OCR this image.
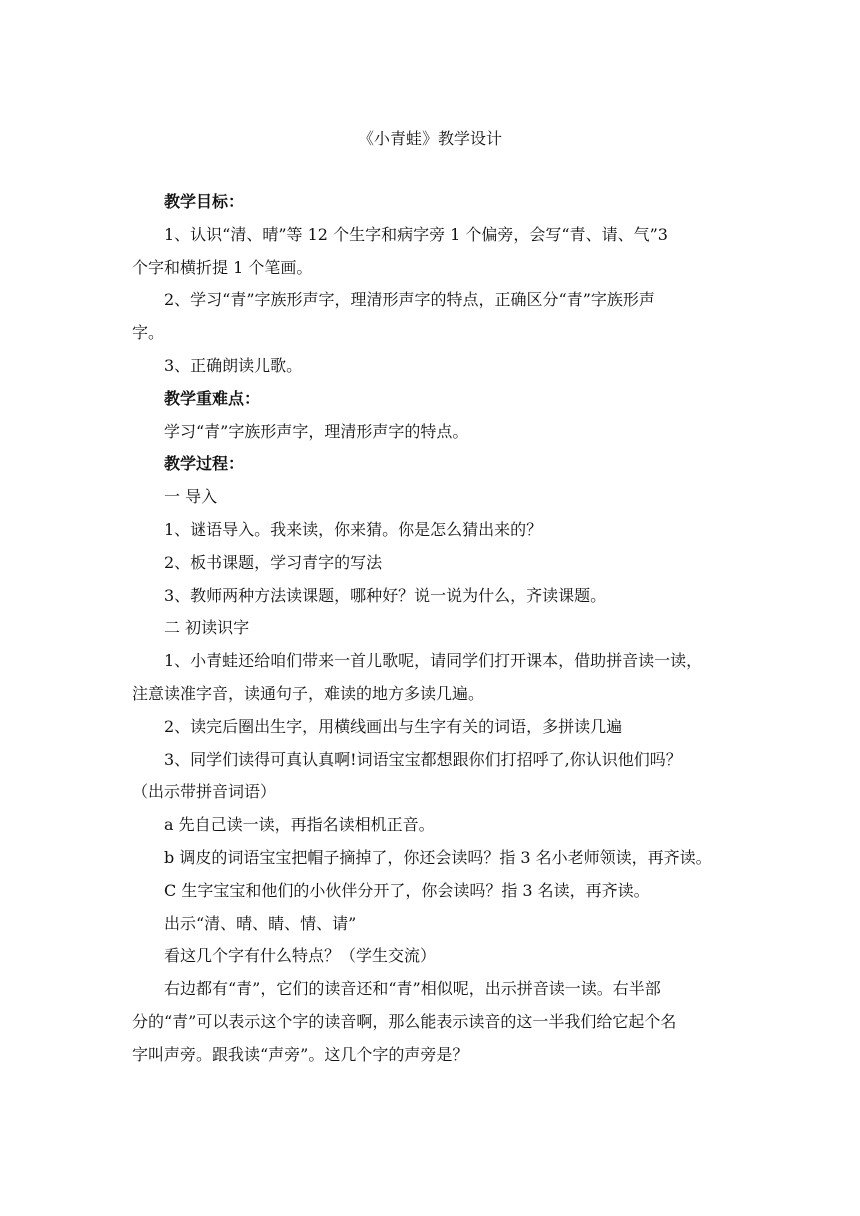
《小青蛙》教学设计

教学目标：

1、认识“清、晴”等 12 个生字和病字旁 1 个偏旁，会写“青、请、气”3

个字和横折提 1 个笔画。

2、学习“青”字族形声字，理清形声字的特点，正确区分“青”字族形声

字。

3、正确朗读儿歌。

教学重难点：

学习“青”字族形声字，理清形声字的特点。

教学过程：

一 导入

1、谜语导入。我来读，你来猜。你是怎么猜出来的？

2、板书课题，学习青字的写法

3、教师两种方法读课题，哪种好？说一说为什么，齐读课题。

二 初读识字

1、小青蛙还给咱们带来一首儿歌呢，请同学们打开课本，借助拼音读一读，

注意读准字音，读通句子，难读的地方多读几遍。

2、读完后圈出生字，用横线画出与生字有关的词语，多拼读几遍

3、同学们读得可真认真啊!词语宝宝都想跟你们打招呼了,你认识他们吗？

（出示带拼音词语）

a 先自己读一读，再指名读相机正音。

b 调皮的词语宝宝把帽子摘掉了，你还会读吗？指 3 名小老师领读，再齐读。

C 生字宝宝和他们的小伙伴分开了，你会读吗？指 3 名读，再齐读。

出示“清、晴、睛、情、请”

看这几个字有什么特点？（学生交流）

右边都有“青”，它们的读音还和“青”相似呢，出示拼音读一读。右半部

分的“青”可以表示这个字的读音啊，那么能表示读音的这一半我们给它起个名

字叫声旁。跟我读“声旁”。这几个字的声旁是？
